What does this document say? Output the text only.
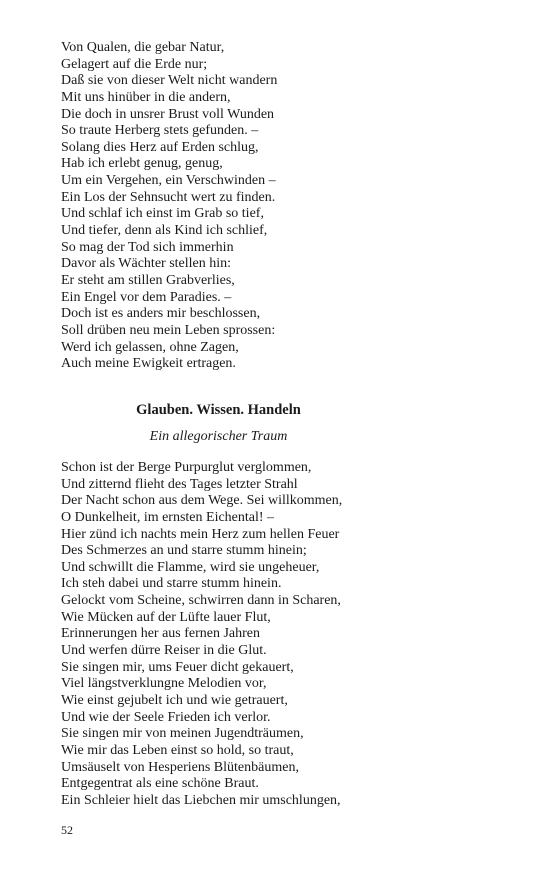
Von Qualen, die gebar Natur,
Gelagert auf die Erde nur;
Daß sie von dieser Welt nicht wandern
Mit uns hinüber in die andern,
Die doch in unsrer Brust voll Wunden
So traute Herberg stets gefunden. –
Solang dies Herz auf Erden schlug,
Hab ich erlebt genug, genug,
Um ein Vergehen, ein Verschwinden –
Ein Los der Sehnsucht wert zu finden.
Und schlaf ich einst im Grab so tief,
Und tiefer, denn als Kind ich schlief,
So mag der Tod sich immerhin
Davor als Wächter stellen hin:
Er steht am stillen Grabverlies,
Ein Engel vor dem Paradies. –
Doch ist es anders mir beschlossen,
Soll drüben neu mein Leben sprossen:
Werd ich gelassen, ohne Zagen,
Auch meine Ewigkeit ertragen.
Glauben. Wissen. Handeln

Ein allegorischer Traum

Schon ist der Berge Purpurglut verglommen,
Und zitternd flieht des Tages letzter Strahl
Der Nacht schon aus dem Wege. Sei willkommen,
O Dunkelheit, im ernsten Eichental! –
Hier zünd ich nachts mein Herz zum hellen Feuer
Des Schmerzes an und starre stumm hinein;
Und schwillt die Flamme, wird sie ungeheuer,
Ich steh dabei und starre stumm hinein.
Gelockt vom Scheine, schwirren dann in Scharen,
Wie Mücken auf der Lüfte lauer Flut,
Erinnerungen her aus fernen Jahren
Und werfen dürre Reiser in die Glut.
Sie singen mir, ums Feuer dicht gekauert,
Viel längstverklungne Melodien vor,
Wie einst gejubelt ich und wie getrauert,
Und wie der Seele Frieden ich verlor.
Sie singen mir von meinen Jugendträumen,
Wie mir das Leben einst so hold, so traut,
Umsäuselt von Hesperiens Blütenbäumen,
Entgegentrat als eine schöne Braut.
Ein Schleier hielt das Liebchen mir umschlungen,
52
